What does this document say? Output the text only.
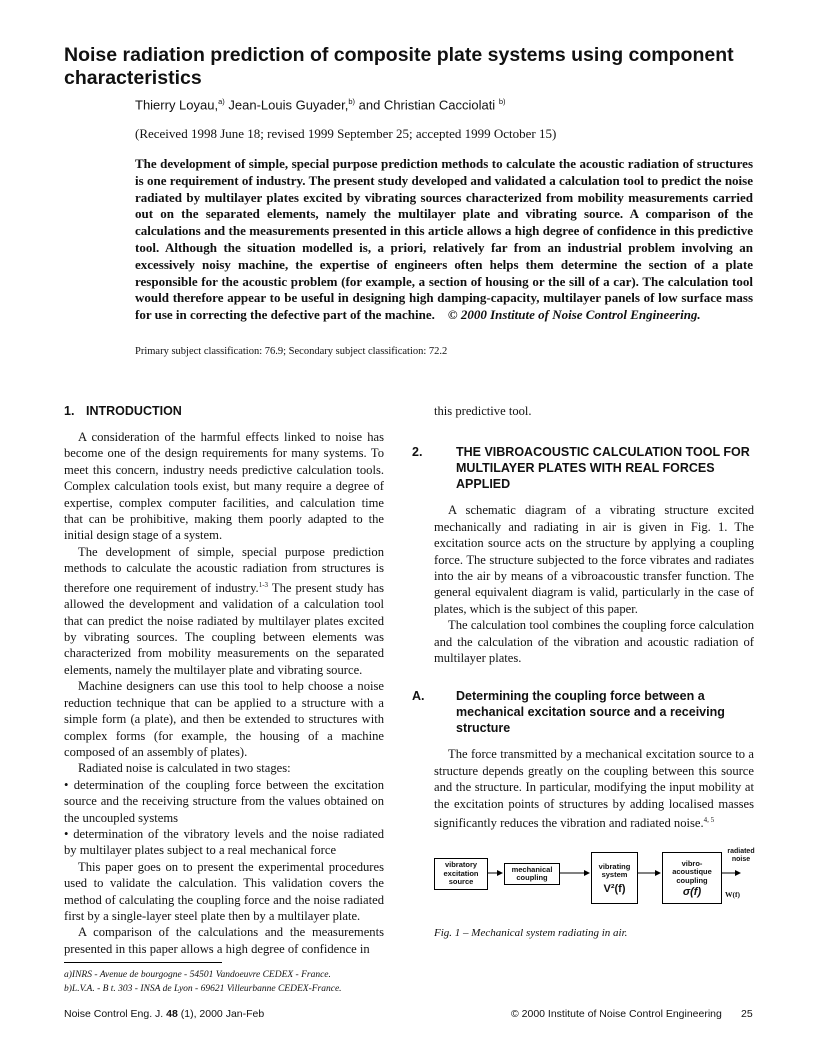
Noise radiation prediction of composite plate systems using component characteristics
Thierry Loyau,$^{a)}$ Jean-Louis Guyader,$^{b)}$ and Christian Cacciolati $^{b)}$
(Received 1998 June 18; revised 1999 September 25; accepted 1999 October 15)
The development of simple, special purpose prediction methods to calculate the acoustic radiation of structures is one requirement of industry. The present study developed and validated a calculation tool to predict the noise radiated by multilayer plates excited by vibrating sources characterized from mobility measurements carried out on the separated elements, namely the multilayer plate and vibrating source. A comparison of the calculations and the measurements presented in this article allows a high degree of confidence in this predictive tool. Although the situation modelled is, a priori, relatively far from an industrial problem involving an excessively noisy machine, the expertise of engineers often helps them determine the section of a plate responsible for the acoustic problem (for example, a section of housing or the sill of a car). The calculation tool would therefore appear to be useful in designing high damping-capacity, multilayer panels of low surface mass for use in correcting the defective part of the machine. © 2000 Institute of Noise Control Engineering.
Primary subject classification: 76.9; Secondary subject classification: 72.2
1. INTRODUCTION

A consideration of the harmful effects linked to noise has become one of the design requirements for many systems. To meet this concern, industry needs predictive calculation tools. Complex calculation tools exist, but many require a degree of expertise, complex computer facilities, and calculation time that can be prohibitive, making them poorly adapted to the initial design stage of a system.

The development of simple, special purpose prediction methods to calculate the acoustic radiation from structures is therefore one requirement of industry.$^{1-3}$ The present study has allowed the development and validation of a calculation tool that can predict the noise radiated by multilayer plates excited by vibrating sources. The coupling between elements was characterized from mobility measurements on the separated elements, namely the multilayer plate and vibrating source.

Machine designers can use this tool to help choose a noise reduction technique that can be applied to a structure with a simple form (a plate), and then be extended to structures with complex forms (for example, the housing of a machine composed of an assembly of plates).

Radiated noise is calculated in two stages:

• determination of the coupling force between the excitation source and the receiving structure from the values obtained on the uncoupled systems

• determination of the vibratory levels and the noise radiated by multilayer plates subject to a real mechanical force

This paper goes on to present the experimental procedures used to validate the calculation. This validation covers the method of calculating the coupling force and the noise radiated first by a single-layer steel plate then by a multilayer plate.

A comparison of the calculations and the measurements presented in this paper allows a high degree of confidence in

this predictive tool.

2.	THE VIBROACOUSTIC CALCULATION TOOL FOR MULTILAYER PLATES WITH REAL FORCES APPLIED

A schematic diagram of a vibrating structure excited mechanically and radiating in air is given in Fig. 1. The excitation source acts on the structure by applying a coupling force. The structure subjected to the force vibrates and radiates into the air by means of a vibroacoustic transfer function. The general equivalent diagram is valid, particularly in the case of plates, which is the subject of this paper.

The calculation tool combines the coupling force calculation and the calculation of the vibration and acoustic radiation of multilayer plates.

A.	Determining the coupling force between a mechanical excitation source and a receiving structure

The force transmitted by a mechanical excitation source to a structure depends greatly on the coupling between this source and the structure. In particular, modifying the input mobility at the excitation points of structures by adding localised masses significantly reduces the vibration and radiated noise.$^{4, 5}$

vibratory excitation source
mechanical coupling
vibrating system
V²(f)
vibro-acoustique coupling
σ(f)
radiated noise
W(f)
Fig. 1 – Mechanical system radiating in air.
a)INRS - Avenue de bourgogne - 54501 Vandoeuvre CEDEX - France.
b)L.V.A. - B t. 303 - INSA de Lyon - 69621 Villeurbanne CEDEX-France.
Noise Control Eng. J. 48 (1), 2000 Jan-Feb	© 2000 Institute of Noise Control Engineering 25
